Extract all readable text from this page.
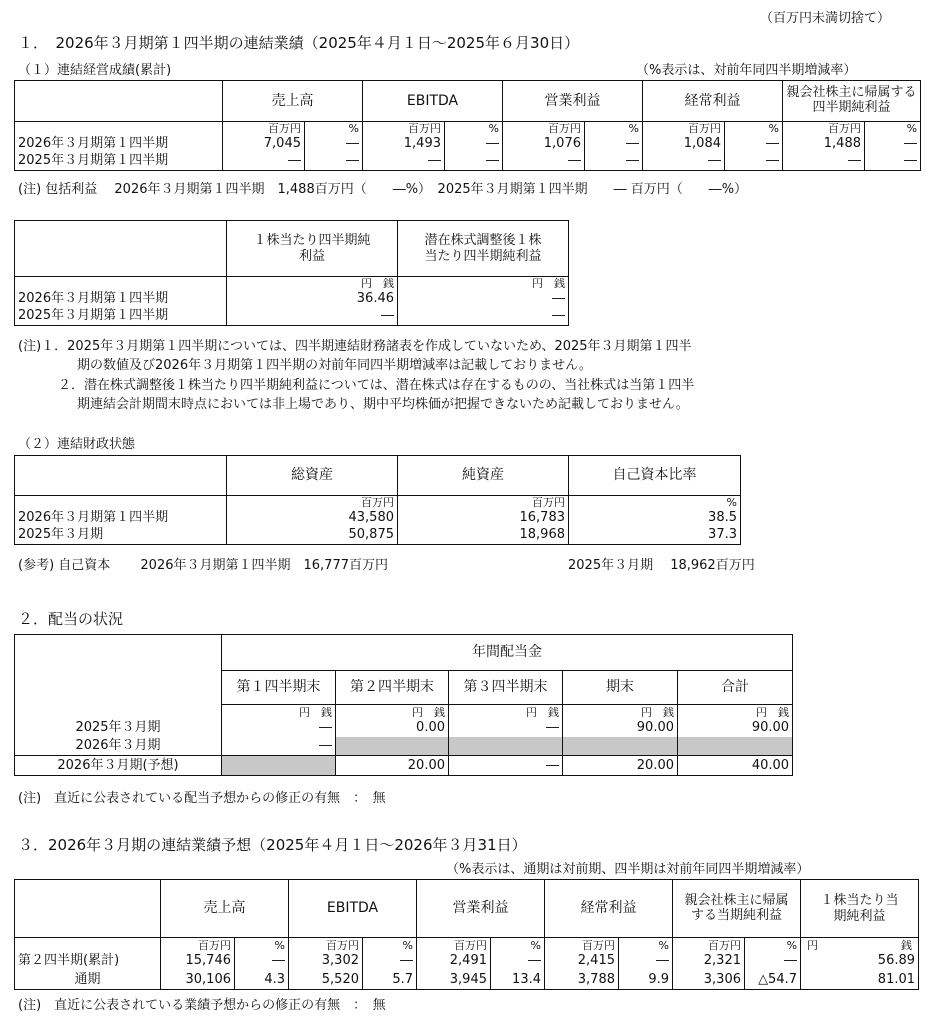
（百万円未満切捨て）
１．　2026年３月期第１四半期の連結業績（2025年４月１日～2025年６月30日）
（１）連結経営成績(累計)	（%表示は、対前年同四半期増減率）
	売上高		EBITDA		営業利益		経常利益		親会社株主に帰属する四半期純利益	
	百万円	%	百万円	%	百万円	%	百万円	%	百万円	%
2026年３月期第１四半期	7,045	―	1,493	―	1,076	―	1,084	―	1,488	―
2025年３月期第１四半期	―	―	―	―	―	―	―	―	―	―
(注) 包括利益　 2026年３月期第１四半期　1,488百万円（　　―%）　2025年３月期第１四半期　　― 百万円（　　―%）
	１株当たり四半期純利益	潜在株式調整後１株当たり四半期純利益
	円　銭	円　銭
2026年３月期第１四半期	36.46	―
2025年３月期第１四半期	―	―
(注)１．2025年３月期第１四半期については、四半期連結財務諸表を作成していないため、2025年３月期第１四半
期の数値及び2026年３月期第１四半期の対前年同四半期増減率は記載しておりません。
２．潜在株式調整後１株当たり四半期純利益については、潜在株式は存在するものの、当社株式は当第１四半
期連結会計期間末時点においては非上場であり、期中平均株価が把握できないため記載しておりません。
（２）連結財政状態
	総資産	純資産	自己資本比率
	百万円	百万円	%
2026年３月期第１四半期	43,580	16,783	38.5
2025年３月期	50,875	18,968	37.3
(参考) 自己資本　　 2026年３月期第１四半期　16,777百万円	2025年３月期　 18,962百万円
２．配当の状況
	年間配当金				
	第１四半期末	第２四半期末	第３四半期末	期末	合計
	円　銭	円　銭	円　銭	円　銭	円　銭
2025年３月期	―	0.00	―	90.00	90.00
2026年３月期	―				
2026年３月期(予想)		20.00	―	20.00	40.00
(注)　直近に公表されている配当予想からの修正の有無　：　無
３．2026年３月期の連結業績予想（2025年４月１日～2026年３月31日）
（%表示は、通期は対前期、四半期は対前年同四半期増減率）
	売上高		EBITDA		営業利益		経常利益		親会社株主に帰属する当期純利益		１株当たり当期純利益
	百万円	%	百万円	%	百万円	%	百万円	%	百万円	%	円 銭

第２四半期(累計)	15,746	―	3,302	―	2,491	―	2,415	―	2,321	―	56.89
通期	30,106	4.3	5,520	5.7	3,945	13.4	3,788	9.9	3,306	△54.7	81.01
(注)　直近に公表されている業績予想からの修正の有無　：　無
